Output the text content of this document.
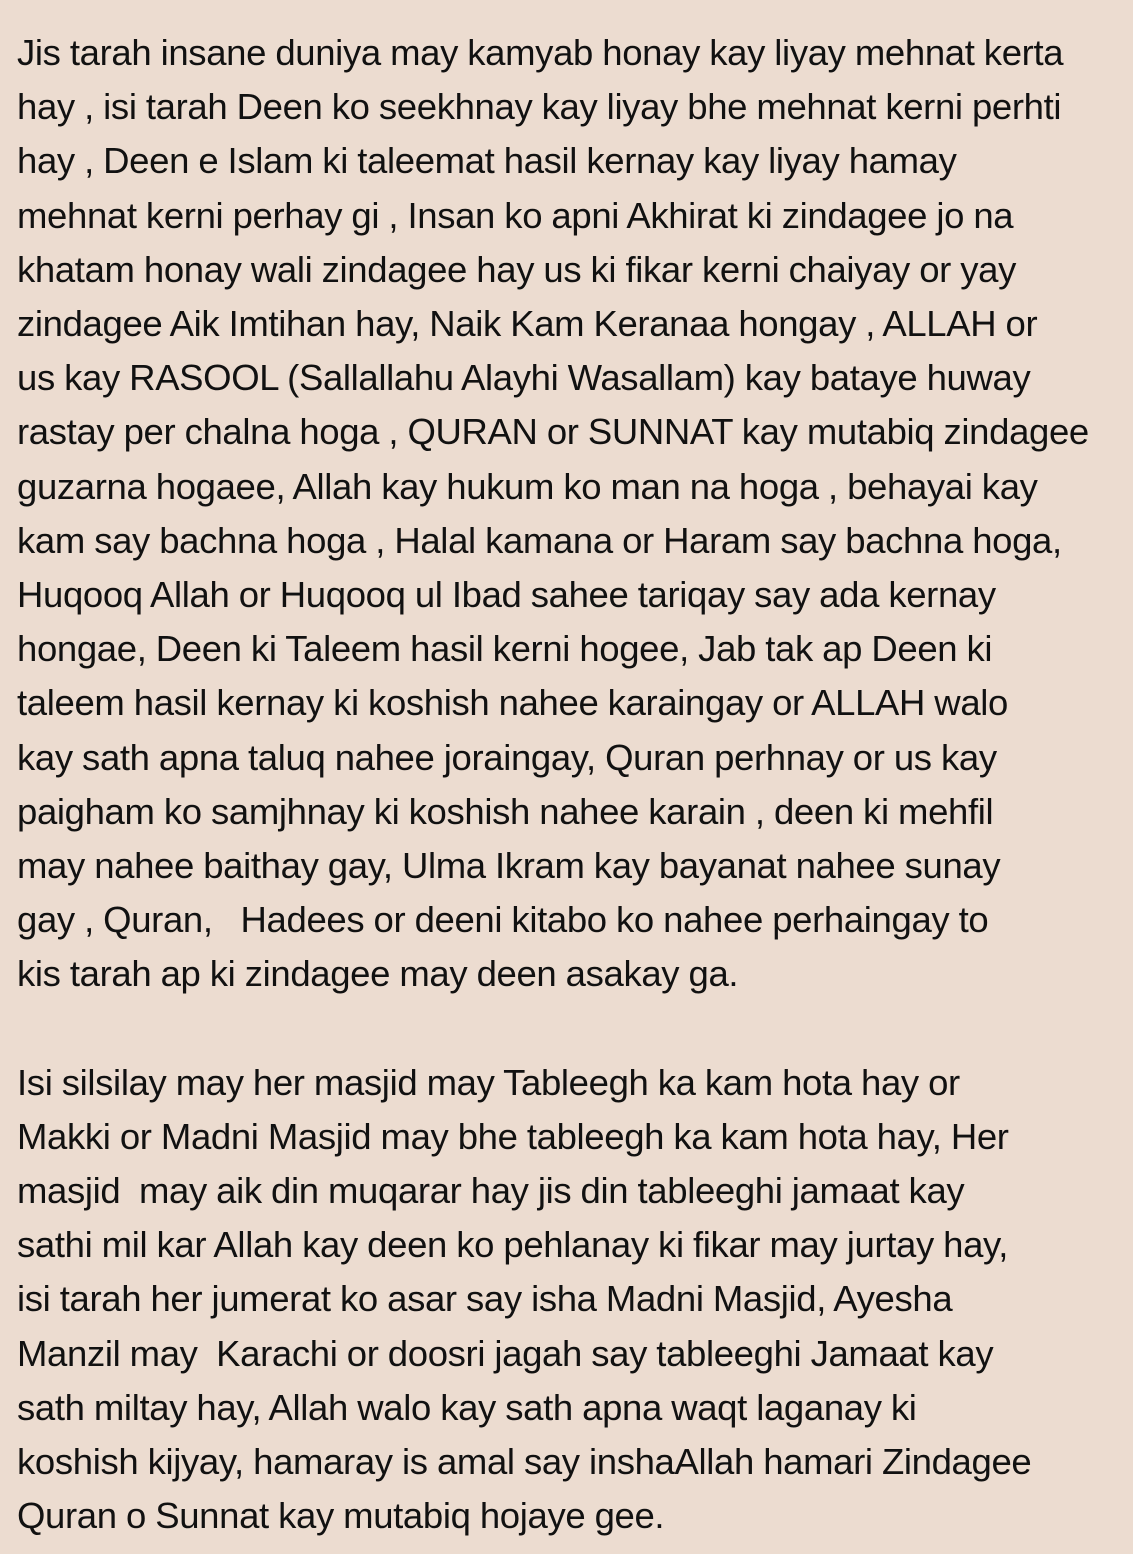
Jis tarah insane duniya may kamyab honay kay liyay mehnat kerta
hay , isi tarah Deen ko seekhnay kay liyay bhe mehnat kerni perhti
hay , Deen e Islam ki taleemat hasil kernay kay liyay hamay
mehnat kerni perhay gi , Insan ko apni Akhirat ki zindagee jo na
khatam honay wali zindagee hay us ki fikar kerni chaiyay or yay
zindagee Aik Imtihan hay, Naik Kam Keranaa hongay , ALLAH or
us kay RASOOL (Sallallahu Alayhi Wasallam) kay bataye huway
rastay per chalna hoga , QURAN or SUNNAT kay mutabiq zindagee
guzarna hogaee, Allah kay hukum ko man na hoga , behayai kay
kam say bachna hoga , Halal kamana or Haram say bachna hoga,
Huqooq Allah or Huqooq ul Ibad sahee tariqay say ada kernay
hongae, Deen ki Taleem hasil kerni hogee, Jab tak ap Deen ki
taleem hasil kernay ki koshish nahee karaingay or ALLAH walo
kay sath apna taluq nahee joraingay, Quran perhnay or us kay
paigham ko samjhnay ki koshish nahee karain , deen ki mehfil
may nahee baithay gay, Ulma Ikram kay bayanat nahee sunay
gay , Quran,   Hadees or deeni kitabo ko nahee perhaingay to
kis tarah ap ki zindagee may deen asakay ga.
Isi silsilay may her masjid may Tableegh ka kam hota hay or
Makki or Madni Masjid may bhe tableegh ka kam hota hay, Her
masjid  may aik din muqarar hay jis din tableeghi jamaat kay
sathi mil kar Allah kay deen ko pehlanay ki fikar may jurtay hay,
isi tarah her jumerat ko asar say isha Madni Masjid, Ayesha
Manzil may  Karachi or doosri jagah say tableeghi Jamaat kay
sath miltay hay, Allah walo kay sath apna waqt laganay ki
koshish kijyay, hamaray is amal say inshaAllah hamari Zindagee
Quran o Sunnat kay mutabiq hojaye gee.
